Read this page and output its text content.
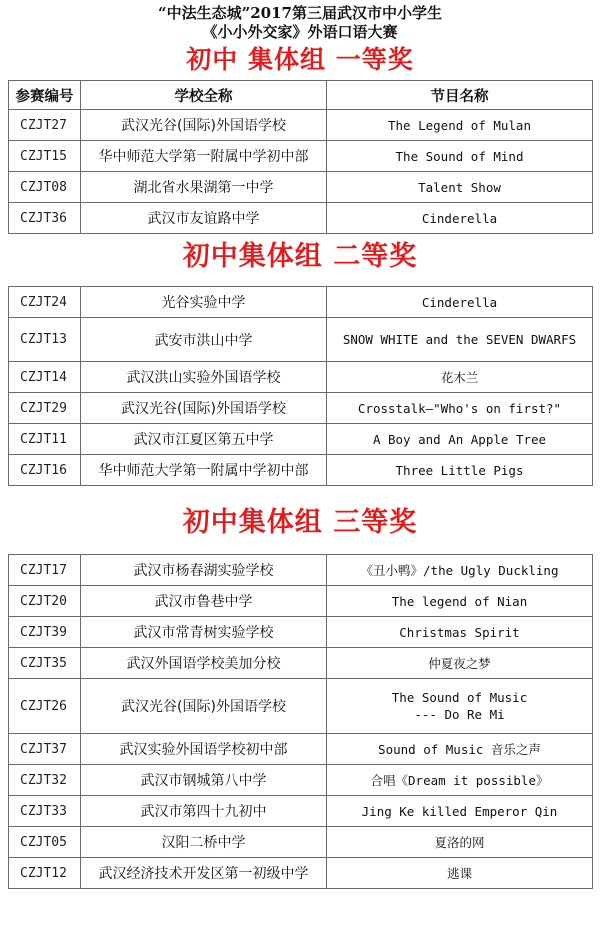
“中法生态城”2017第三届武汉市中小学生
《小小外交家》外语口语大赛
初中 集体组 一等奖
参赛编号	学校全称	节目名称
CZJT27	武汉光谷(国际)外国语学校	The Legend of Mulan
CZJT15	华中师范大学第一附属中学初中部	The Sound of Mind
CZJT08	湖北省水果湖第一中学	Talent Show
CZJT36	武汉市友谊路中学	Cinderella
初中集体组 二等奖
CZJT24	光谷实验中学	Cinderella
CZJT13	武安市洪山中学	SNOW WHITE and the SEVEN DWARFS
CZJT14	武汉洪山实验外国语学校	花木兰
CZJT29	武汉光谷(国际)外国语学校	Crosstalk—"Who's on first?"
CZJT11	武汉市江夏区第五中学	A Boy and An Apple Tree
CZJT16	华中师范大学第一附属中学初中部	Three Little Pigs
初中集体组 三等奖
CZJT17	武汉市杨春湖实验学校	《丑小鸭》/the Ugly Duckling
CZJT20	武汉市鲁巷中学	The legend of Nian
CZJT39	武汉市常青树实验学校	Christmas Spirit
CZJT35	武汉外国语学校美加分校	仲夏夜之梦
CZJT26	武汉光谷(国际)外国语学校	The Sound of Music
--- Do Re Mi
CZJT37	武汉实验外国语学校初中部	Sound of Music 音乐之声
CZJT32	武汉市钢城第八中学	合唱《Dream it possible》
CZJT33	武汉市第四十九初中	Jing Ke killed Emperor Qin
CZJT05	汉阳二桥中学	夏洛的网
CZJT12	武汉经济技术开发区第一初级中学	逃课
